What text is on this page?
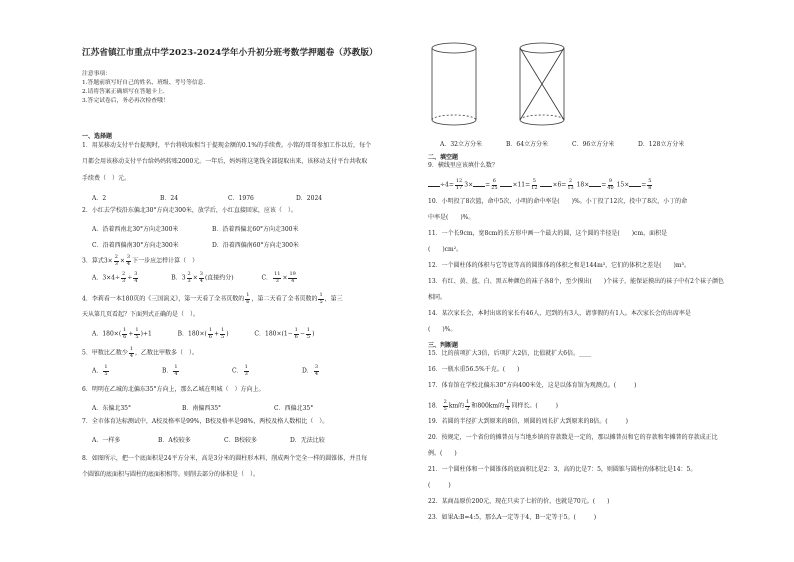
江苏省镇江市重点中学2023-2024学年小升初分班考数学押题卷（苏教版）
注意事项：
1.答题前填写好自己的姓名、班级、考号等信息.
2.请将答案正确填写在答题卡上.
3.答完试卷后，务必再次检查哦！
一、选择题
1．用某移动支付平台提现时，平台将收取相当于提现金额的0.1%的手续费。小铭的哥哥参加工作以后，每个
月都会用该移动支付平台给妈妈转账2000元。一年后，妈妈将这笔钱全部提取出来，该移动支付平台共收取
手续费（　）元。
A．2	B．24	C．1976	D．2024
2．小红去学校沿东偏北30°方向走300米，放学后，小红直接回家，应该（　）。
A．沿着西南北30°方向走300米	B．沿着西偏北60°方向走300米
C．沿着西偏南30°方向走300米	D．沿着西偏南60°方向走300米
3．算式$3\times \frac{2}{3} \times \frac{3}{4}$ 下一步应怎样计算（　）
A．$3\times 4\div \frac{2}{3} \div \frac{3}{4}$	B．$3 \frac{2}{3} \times \frac{3}{4}$ (直接约分)	C． $\frac{11}{3} \times \frac{19}{4}$
4．李莉看一本180页的《三国演义》，第一天看了全书页数的 $\frac{1}{6}$ ，第二天看了全书页数的 $\frac{1}{5}$ ，第三
天从第几页看起？下面列式正确的是（　）。
A．$180\times( \frac{1}{6} + \frac{1}{5} )+1$	B．$180\times( \frac{1}{6} + \frac{1}{5}$ )	C．$180\times(1- \frac{1}{6} - \frac{1}{5}$ )
5．甲数比乙数少 $\frac{1}{4}$ ，乙数比甲数多（　）。
A． $\frac{1}{5}$	B． $\frac{1}{4}$	C． $\frac{1}{3}$	D． $\frac{3}{4}$
6．明明在乙城的北偏东35°方向上，那么乙城在明城（　）方向上。
A．东偏北35°	B．南偏西35°	C．西偏北35°
7．全市体育达标测试中，A校及格率是99%，B校及格率是98%，两校及格人数相比（　）。
A．一样多	B．A校较多	C．B校较多	D．无法比较
8．如图所示，把一个底面积是24平方分米，高是3分米的圆柱形木料，削成两个完全一样的圆锥体，并且每
个圆锥的底面积与圆柱的底面积相等。则削去部分的体积是（　）。
A．32立方分米	B．64立方分米	C．96立方分米	D．128立方分米
二、填空题
9．横线里应该填什么数？
$\div 4= \frac{12}{17} 3\times = \frac{6}{25} \times 11= \frac{5}{12} \times 6= \frac{2}{13} 18\times = \frac{9}{40} 15\times = \frac{5}{8}$
10．小明投了8次篮，命中5次，小明的命中率是(　　)%。小丁投了12次，投中了8次，小丁的命
中率是(　　)%。
11．一个长9cm，宽8cm的长方形中画一个最大的圆，这个圆的半径是(　　)cm，面积是
(　　)cm²。
12．一个圆柱体的体积与它等底等高的圆锥体的体积之和是144m³，它们的体积之差是(　　)m³。
13．有红、黄、蓝、白、黑五种颜色的袜子各8个，至少摸出(　　)个袜子，能保证摸出的袜子中有2个袜子颜色
相同。
14．某次家长会，本时出席的家长有46人，迟到的有3人，请事假的有1人。本次家长会的出席率是
(　　)%。
三、判断题
15．比的前项扩大3倍，后项扩大2倍，比值就扩大6倍。____
16．一瓶水重56.5%千克。(　　)
17．体育馆在学校北偏东30°方向400米处，这是以体育馆为观测点。(　　　)
18． $\frac{2}{5}$ km的 $\frac{1}{2}$ 和800km的 $\frac{1}{4}$ 同样长。(　　　)
19．若圆的半径扩大到原来的8倍，则圆的周长扩大到原来的8倍。(　　　)
20．按规定，一个省份的摊普员与当地乡镇的存款数是一定的，那以摊普员和它的存款和年摊普的存款成正比
例。(　　)
21．一个圆柱体和一个圆锥体的底面积比是2：3，高的比是7：5，则圆锥与圆柱的体积比是14：5。
(　　　)
22．某商品原价200元，现在只卖了七折的价，也就是70元。(　　)
23．如果A:B=4:5，那么A一定等于4，B一定等于5。(　　　)
